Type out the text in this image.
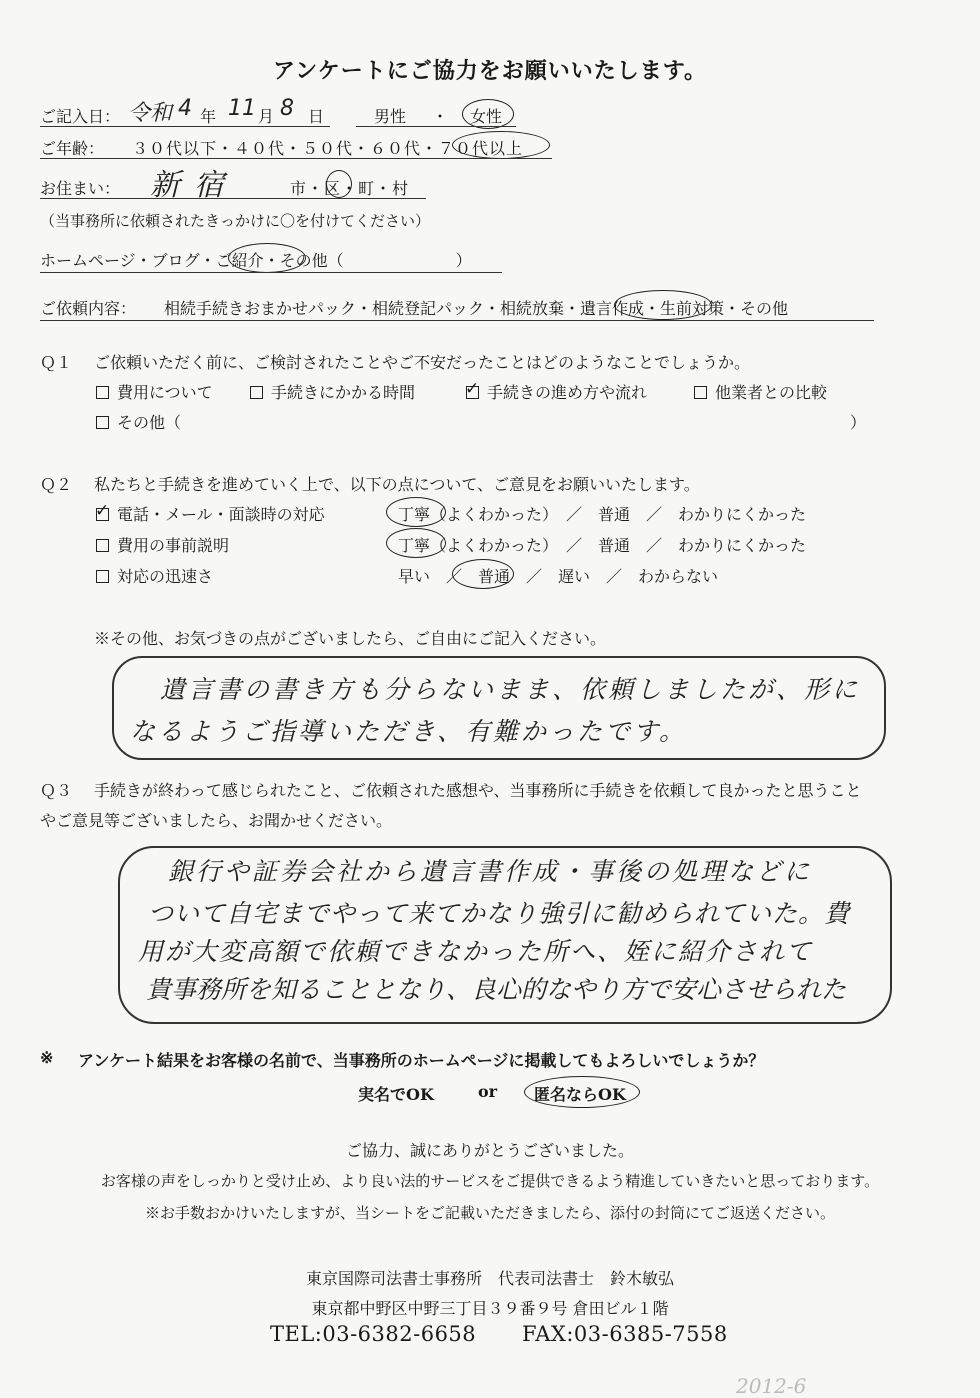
アンケートにご協力をお願いいたします。
ご記入日： 令和 4 年 11 月 8 日	男性 ・ 女性
ご年齢： ３０代以下・４０代・５０代・６０代・７０代以上
お住まい： 新宿	市・区・町・村
（当事務所に依頼されたきっかけに〇を付けてください）
ホームページ・ブログ・ご紹介・その他（　　　　　　　）
ご依頼内容： 相続手続きおまかせパック・相続登記パック・相続放棄・遺言作成・生前対策・その他
Ｑ１ ご依頼いただく前に、ご検討されたことやご不安だったことはどのようなことでしょうか。
費用について	手続きにかかる時間
✓	手続きの進め方や流れ	他業者との比較
その他（	）
Ｑ２ 私たちと手続きを進めていく上で、以下の点について、ご意見をお願いいたします。
✓電話・メール・面談時の対応	丁寧（よくわかった）　／　普通　／　わかりにくかった
費用の事前説明	丁寧（よくわかった）　／　普通　／　わかりにくかった
対応の迅速さ	早い　／　普通　／　遅い　／　わからない
※その他、お気づきの点がございましたら、ご自由にご記入ください。
遺言書の書き方も分らないまま、依頼しましたが、形に
なるようご指導いただき、有難かったです。
Ｑ３ 手続きが終わって感じられたこと、ご依頼された感想や、当事務所に手続きを依頼して良かったと思うこと
やご意見等ございましたら、お聞かせください。
銀行や証券会社から遺言書作成・事後の処理などに
ついて自宅までやって来てかなり強引に勧められていた。費
用が大変高額で依頼できなかった所へ、姪に紹介されて
貴事務所を知ることとなり、良心的なやり方で安心させられた
※ アンケート結果をお客様の名前で、当事務所のホームページに掲載してもよろしいでしょうか？
実名でOK	or 匿名ならOK
ご協力、誠にありがとうございました。
お客様の声をしっかりと受け止め、より良い法的サービスをご提供できるよう精進していきたいと思っております。
※お手数おかけいたしますが、当シートをご記載いただきましたら、添付の封筒にてご返送ください。
東京国際司法書士事務所　代表司法書士　鈴木敏弘
東京都中野区中野三丁目３９番９号 倉田ビル１階
TEL:03-6382-6658 FAX:03-6385-7558
2012-6
